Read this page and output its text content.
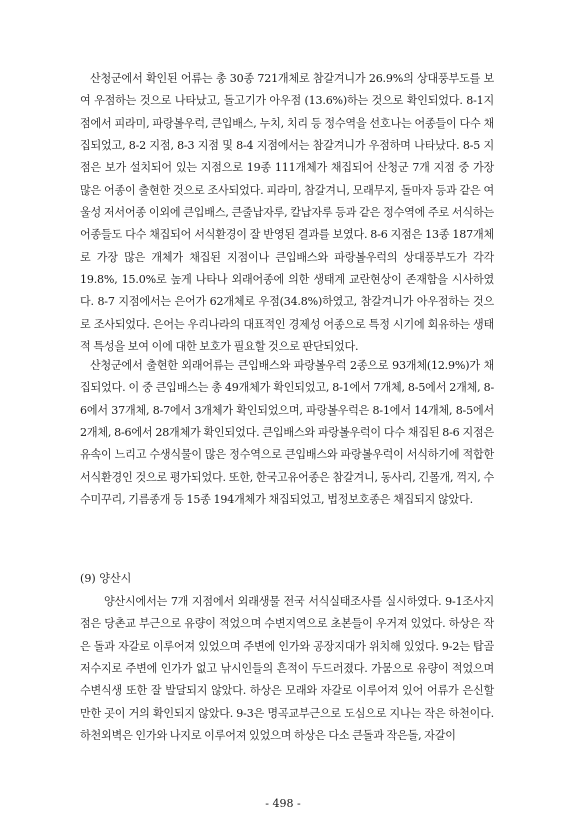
산청군에서 확인된 어류는 총 30종 721개체로 참갈겨니가 26.9%의 상대풍부도를 보여 우점하는 것으로 나타났고, 돌고기가 아우점 (13.6%)하는 것으로 확인되었다. 8-1지점에서 피라미, 파랑볼우럭, 큰입배스, 누치, 치리 등 정수역을 선호나는 어종들이 다수 채집되었고, 8-2 지점, 8-3 지점 및 8-4 지점에서는 참갈겨니가 우점하며 나타났다. 8-5 지점은 보가 설치되어 있는 지점으로 19종 111개체가 채집되어 산청군 7개 지점 중 가장 많은 어종이 출현한 것으로 조사되었다. 피라미, 참갈겨니, 모래무지, 돌마자 등과 같은 여울성 저서어종 이외에 큰입배스, 큰줄납자루, 칼납자루 등과 같은 정수역에 주로 서식하는 어종들도 다수 채집되어 서식환경이 잘 반영된 결과를 보였다. 8-6 지점은 13종 187개체로 가장 많은 개체가 채집된 지점이나 큰입배스와 파랑볼우럭의 상대풍부도가 각각 19.8%, 15.0%로 높게 나타나 외래어종에 의한 생태계 교란현상이 존재함을 시사하였다. 8-7 지점에서는 은어가 62개체로 우점(34.8%)하였고, 참갈겨니가 아우점하는 것으로 조사되었다. 은어는 우리나라의 대표적인 경제성 어종으로 특정 시기에 회유하는 생태적 특성을 보여 이에 대한 보호가 필요할 것으로 판단되었다.

산청군에서 출현한 외래어류는 큰입배스와 파랑볼우럭 2종으로 93개체(12.9%)가 채집되었다. 이 중 큰입배스는 총 49개체가 확인되었고, 8-1에서 7개체, 8-5에서 2개체, 8-6에서 37개체, 8-7에서 3개체가 확인되었으며, 파랑볼우럭은 8-1에서 14개체, 8-5에서 2개체, 8-6에서 28개체가 확인되었다. 큰입배스와 파랑볼우럭이 다수 채집된 8-6 지점은 유속이 느리고 수생식물이 많은 정수역으로 큰입배스와 파랑볼우럭이 서식하기에 적합한 서식환경인 것으로 평가되었다. 또한, 한국고유어종은 참갈겨니, 동사리, 긴몰개, 꺽지, 수수미꾸리, 기름종개 등 15종 194개체가 채집되었고, 법정보호종은 채집되지 않았다.

(9) 양산시

양산시에서는 7개 지점에서 외래생물 전국 서식실태조사를 실시하였다. 9-1조사지점은 당촌교 부근으로 유량이 적었으며 수변지역으로 초본들이 우거져 있었다. 하상은 작은 돌과 자갈로 이루어져 있었으며 주변에 인가와 공장지대가 위치해 있었다. 9-2는 탑골저수지로 주변에 인가가 없고 낚시인들의 흔적이 두드러졌다. 가뭄으로 유량이 적었으며 수변식생 또한 잘 발달되지 않았다. 하상은 모래와 자갈로 이루어져 있어 어류가 은신할 만한 곳이 거의 확인되지 않았다. 9-3은 명곡교부근으로 도심으로 지나는 작은 하천이다. 하천외벽은 인가와 나지로 이루어져 있었으며 하상은 다소 큰돌과 작은돌, 자갈이

- 498 -
